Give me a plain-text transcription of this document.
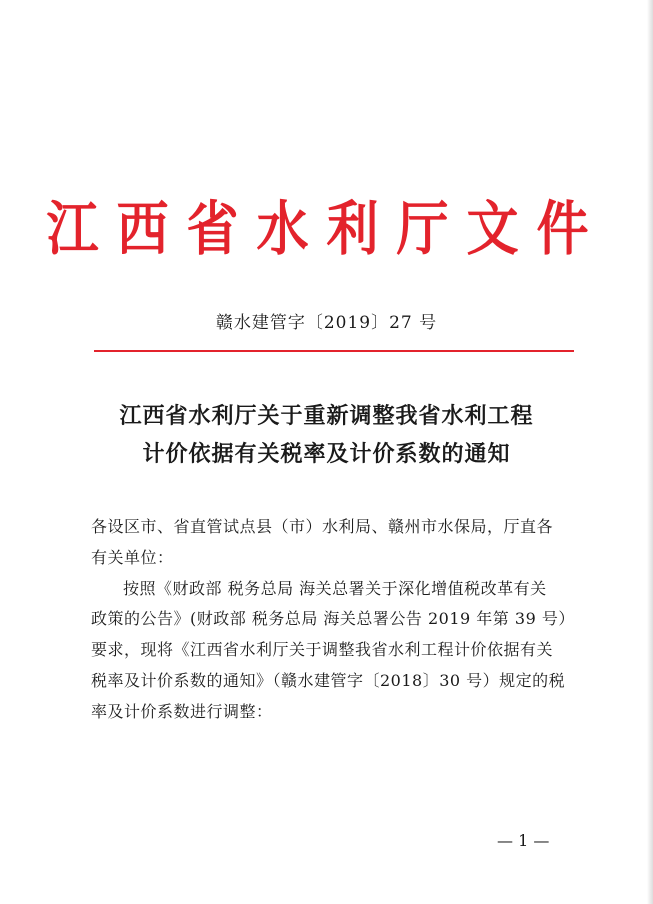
江西省水利厅文件
赣水建管字〔2019〕27 号
江西省水利厅关于重新调整我省水利工程
计价依据有关税率及计价系数的通知

各设区市、省直管试点县（市）水利局、赣州市水保局，厅直各

有关单位：

按照《财政部 税务总局 海关总署关于深化增值税改革有关

政策的公告》(财政部 税务总局 海关总署公告 2019 年第 39 号）

要求，现将《江西省水利厅关于调整我省水利工程计价依据有关

税率及计价系数的通知》（赣水建管字〔2018〕30 号）规定的税

率及计价系数进行调整：

— 1 —
